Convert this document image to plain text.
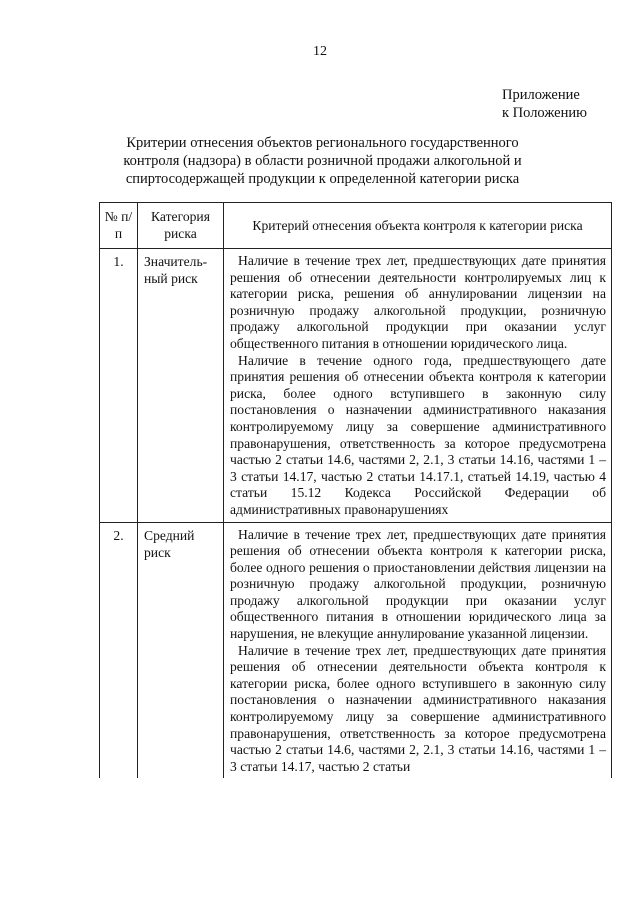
12
Приложение
к Положению
Критерии отнесения объектов регионального государственного контроля (надзора) в области розничной продажи алкогольной и спиртосодержащей продукции к определенной категории риска
№ п/п	Категория риска	Критерий отнесения объекта контроля к категории риска
1.	Значительный риск	Наличие в течение трех лет, предшествующих дате принятия решения об отнесении деятельности контролируемых лиц к категории риска, решения об аннулировании лицензии на розничную продажу алкогольной продукции, розничную продажу алкогольной продукции при оказании услуг общественного питания в отношении юридического лица.

Наличие в течение одного года, предшествующего дате принятия решения об отнесении объекта контроля к категории риска, более одного вступившего в законную силу постановления о назначении административного наказания контролируемому лицу за совершение административного правонарушения, ответственность за которое предусмотрена частью 2 статьи 14.6, частями 2, 2.1, 3 статьи 14.16, частями 1 – 3 статьи 14.17, частью 2 статьи 14.17.1, статьей 14.19, частью 4 статьи 15.12 Кодекса Российской Федерации об административных правонарушениях

2.	Средний риск	Наличие в течение трех лет, предшествующих дате принятия решения об отнесении объекта контроля к категории риска, более одного решения о приостановлении действия лицензии на розничную продажу алкогольной продукции, розничную продажу алкогольной продукции при оказании услуг общественного питания в отношении юридического лица за нарушения, не влекущие аннулирование указанной лицензии.

Наличие в течение трех лет, предшествующих дате принятия решения об отнесении деятельности объекта контроля к категории риска, более одного вступившего в законную силу постановления о назначении административного наказания контролируемому лицу за совершение административного правонарушения, ответственность за которое предусмотрена частью 2 статьи 14.6, частями 2, 2.1, 3 статьи 14.16, частями 1 – 3 статьи 14.17, частью 2 статьи
